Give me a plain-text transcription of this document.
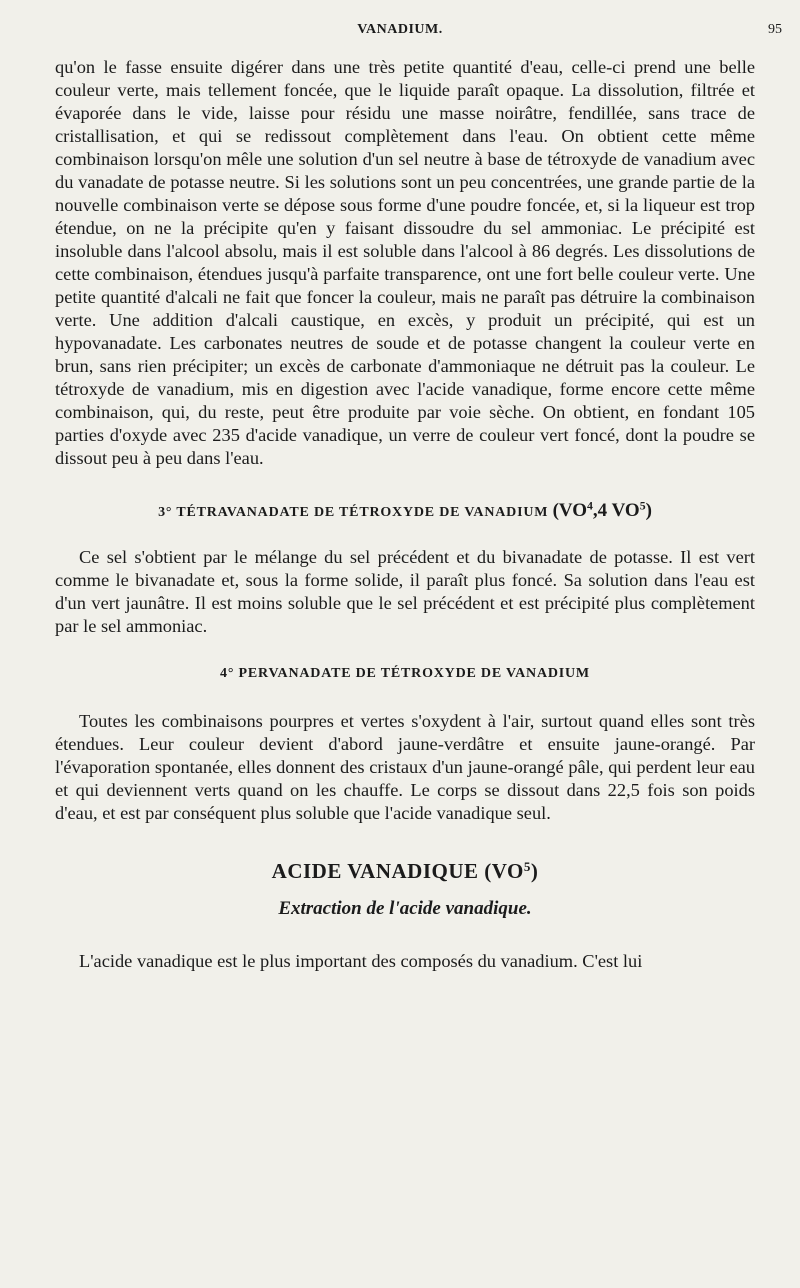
VANADIUM.	95

qu'on le fasse ensuite digérer dans une très petite quantité d'eau, celle-ci prend une belle couleur verte, mais tellement foncée, que le liquide paraît opaque. La dissolution, filtrée et évaporée dans le vide, laisse pour résidu une masse noirâtre, fendillée, sans trace de cristallisation, et qui se redissout complètement dans l'eau. On obtient cette même combinaison lorsqu'on mêle une solution d'un sel neutre à base de tétroxyde de vanadium avec du vanadate de potasse neutre. Si les solutions sont un peu concentrées, une grande partie de la nouvelle combinaison verte se dépose sous forme d'une poudre foncée, et, si la liqueur est trop étendue, on ne la précipite qu'en y faisant dissoudre du sel ammoniac. Le précipité est insoluble dans l'alcool absolu, mais il est soluble dans l'alcool à 86 degrés. Les dissolutions de cette combinaison, étendues jusqu'à parfaite transparence, ont une fort belle couleur verte. Une petite quantité d'alcali ne fait que foncer la couleur, mais ne paraît pas détruire la combinaison verte. Une addition d'alcali caustique, en excès, y produit un précipité, qui est un hypovanadate. Les carbonates neutres de soude et de potasse changent la couleur verte en brun, sans rien précipiter; un excès de carbonate d'ammoniaque ne détruit pas la couleur. Le tétroxyde de vanadium, mis en digestion avec l'acide vanadique, forme encore cette même combinaison, qui, du reste, peut être produite par voie sèche. On obtient, en fondant 105 parties d'oxyde avec 235 d'acide vanadique, un verre de couleur vert foncé, dont la poudre se dissout peu à peu dans l'eau.

3° TÉTRAVANADATE DE TÉTROXYDE DE VANADIUM ($VO^4,4$ $VO^5$)

Ce sel s'obtient par le mélange du sel précédent et du bivanadate de potasse. Il est vert comme le bivanadate et, sous la forme solide, il paraît plus foncé. Sa solution dans l'eau est d'un vert jaunâtre. Il est moins soluble que le sel précédent et est précipité plus complètement par le sel ammoniac.

4° PERVANADATE DE TÉTROXYDE DE VANADIUM

Toutes les combinaisons pourpres et vertes s'oxydent à l'air, surtout quand elles sont très étendues. Leur couleur devient d'abord jaune-verdâtre et ensuite jaune-orangé. Par l'évaporation spontanée, elles donnent des cristaux d'un jaune-orangé pâle, qui perdent leur eau et qui deviennent verts quand on les chauffe. Le corps se dissout dans 22,5 fois son poids d'eau, et est par conséquent plus soluble que l'acide vanadique seul.

ACIDE VANADIQUE $(VO^5)$
Extraction de l'acide vanadique.

L'acide vanadique est le plus important des composés du vanadium. C'est lui
